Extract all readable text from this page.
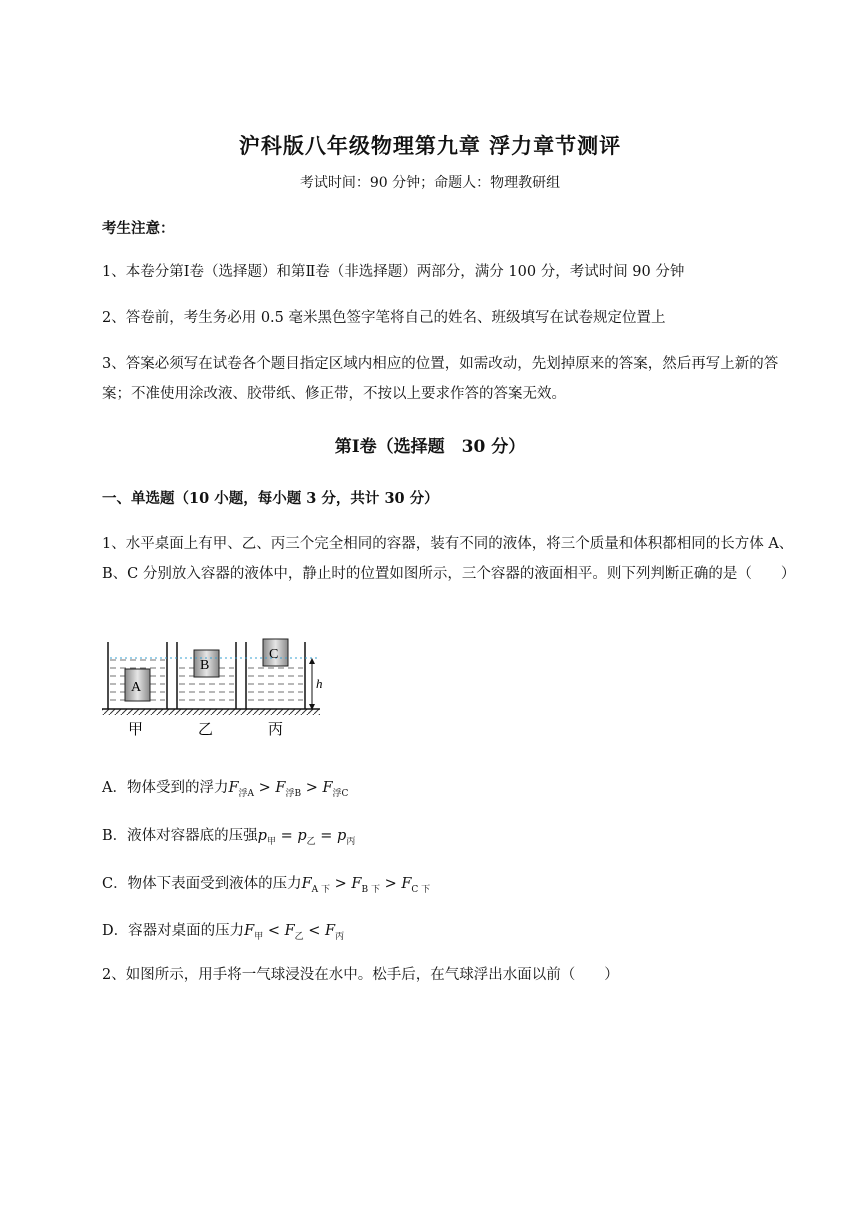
沪科版八年级物理第九章 浮力章节测评
考试时间：90 分钟；命题人：物理教研组
考生注意：
1、本卷分第Ⅰ卷（选择题）和第Ⅱ卷（非选择题）两部分，满分 100 分，考试时间 90 分钟
2、答卷前，考生务必用 0.5 毫米黑色签字笔将自己的姓名、班级填写在试卷规定位置上
3、答案必须写在试卷各个题目指定区域内相应的位置，如需改动，先划掉原来的答案，然后再写上新的答案；不准使用涂改液、胶带纸、修正带，不按以上要求作答的答案无效。
第Ⅰ卷（选择题　30 分）
一、单选题（10 小题，每小题 3 分，共计 30 分）
1、水平桌面上有甲、乙、丙三个完全相同的容器，装有不同的液体，将三个质量和体积都相同的长方体 A、B、C 分别放入容器的液体中，静止时的位置如图所示，三个容器的液面相平。则下列判断正确的是（　　）
A
B
C
h
甲	乙	丙
A．物体受到的浮力$F_{浮A} > F_{浮B} > F_{浮C}$
B．液体对容器底的压强$p_甲 = p_乙 = p_丙$
C．物体下表面受到液体的压力$F_{A 下} > F_{B 下} > F_{C 下}$
D．容器对桌面的压力$F_甲 < F_乙 < F_丙$
2、如图所示，用手将一气球浸没在水中。松手后，在气球浮出水面以前（　　）
